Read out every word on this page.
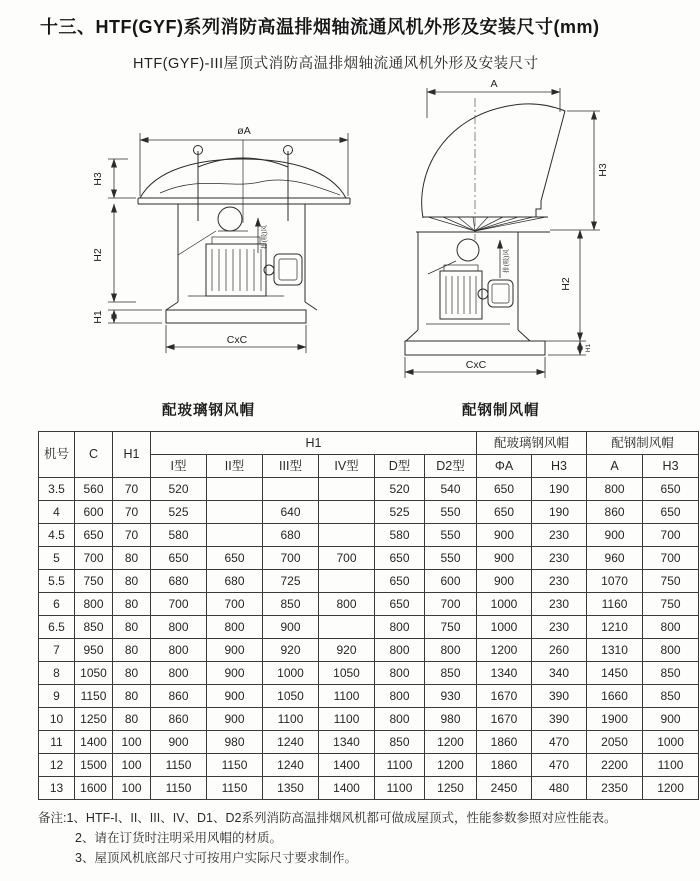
十三、HTF(GYF)系列消防高温排烟轴流通风机外形及安装尺寸(mm)
HTF(GYF)-III屋顶式消防高温排烟轴流通风机外形及安装尺寸
øA
H3
排(吸)风
H2
H1
CxC
A
H3
排(吸)风
H2
H1
CxC
配玻璃钢风帽	配钢制风帽
机号	C	H1	H1						配玻璃钢风帽		配钢制风帽	
			I型	II型	III型	IV型	D型	D2型	ΦA	H3	A	H3
3.5	560	70	520				520	540	650	190	800	650
4	600	70	525		640		525	550	650	190	860	650
4.5	650	70	580		680		580	550	900	230	900	700
5	700	80	650	650	700	700	650	550	900	230	960	700
5.5	750	80	680	680	725		650	600	900	230	1070	750
6	800	80	700	700	850	800	650	700	1000	230	1160	750
6.5	850	80	800	800	900		800	750	1000	230	1210	800
7	950	80	800	900	920	920	800	800	1200	260	1310	800
8	1050	80	800	900	1000	1050	800	850	1340	340	1450	850
9	1150	80	860	900	1050	1100	800	930	1670	390	1660	850
10	1250	80	860	900	1100	1100	800	980	1670	390	1900	900
11	1400	100	900	980	1240	1340	850	1200	1860	470	2050	1000
12	1500	100	1150	1150	1240	1400	1100	1200	1860	470	2200	1100
13	1600	100	1150	1150	1350	1400	1100	1250	2450	480	2350	1200

备注:1、HTF-I、II、III、IV、D1、D2系列消防高温排烟风机都可做成屋顶式，性能参数参照对应性能表。

2、请在订货时注明采用风帽的材质。

3、屋顶风机底部尺寸可按用户实际尺寸要求制作。
